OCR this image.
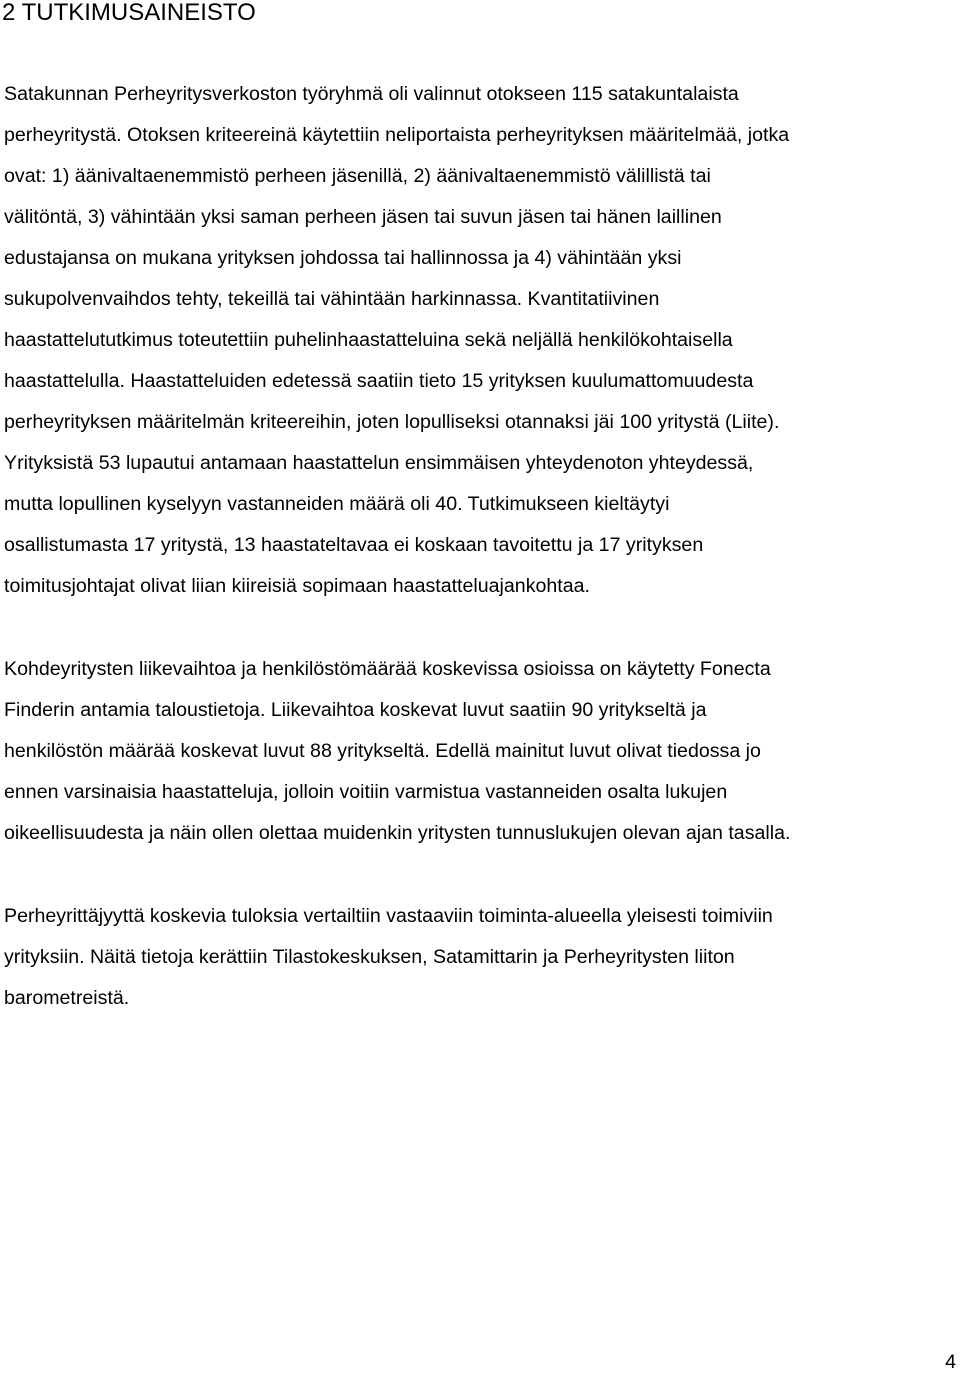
2 TUTKIMUSAINEISTO

Satakunnan Perheyritysverkoston työryhmä oli valinnut otokseen 115 satakuntalaista
perheyritystä. Otoksen kriteereinä käytettiin neliportaista perheyrityksen määritelmää, jotka
ovat: 1) äänivaltaenemmistö perheen jäsenillä, 2) äänivaltaenemmistö välillistä tai
välitöntä, 3) vähintään yksi saman perheen jäsen tai suvun jäsen tai hänen laillinen
edustajansa on mukana yrityksen johdossa tai hallinnossa ja 4) vähintään yksi
sukupolvenvaihdos tehty, tekeillä tai vähintään harkinnassa. Kvantitatiivinen
haastattelututkimus toteutettiin puhelinhaastatteluina sekä neljällä henkilökohtaisella
haastattelulla. Haastatteluiden edetessä saatiin tieto 15 yrityksen kuulumattomuudesta
perheyrityksen määritelmän kriteereihin, joten lopulliseksi otannaksi jäi 100 yritystä (Liite).
Yrityksistä 53 lupautui antamaan haastattelun ensimmäisen yhteydenoton yhteydessä,
mutta lopullinen kyselyyn vastanneiden määrä oli 40. Tutkimukseen kieltäytyi
osallistumasta 17 yritystä, 13 haastateltavaa ei koskaan tavoitettu ja 17 yrityksen
toimitusjohtajat olivat liian kiireisiä sopimaan haastatteluajankohtaa.

Kohdeyritysten liikevaihtoa ja henkilöstömäärää koskevissa osioissa on käytetty Fonecta
Finderin antamia taloustietoja. Liikevaihtoa koskevat luvut saatiin 90 yritykseltä ja
henkilöstön määrää koskevat luvut 88 yritykseltä. Edellä mainitut luvut olivat tiedossa jo
ennen varsinaisia haastatteluja, jolloin voitiin varmistua vastanneiden osalta lukujen
oikeellisuudesta ja näin ollen olettaa muidenkin yritysten tunnuslukujen olevan ajan tasalla.

Perheyrittäjyyttä koskevia tuloksia vertailtiin vastaaviin toiminta-alueella yleisesti toimiviin
yrityksiin. Näitä tietoja kerättiin Tilastokeskuksen, Satamittarin ja Perheyritysten liiton
barometreistä.

4
